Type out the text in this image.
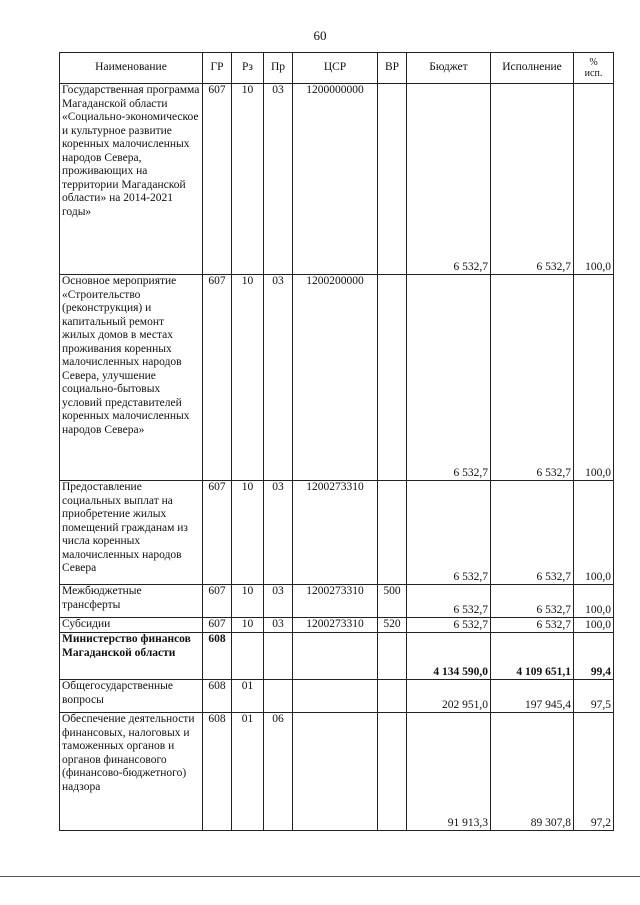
60
Наименование	ГР	Рз	Пр	ЦСР	ВР	Бюджет	Исполнение	%
исп.
Государственная программа Магаданской области «Социально-экономическое и культурное развитие коренных малочисленных народов Севера, проживающих на территории Магаданской области» на 2014-2021 годы»	607	10	03	1200000000		6 532,7	6 532,7	100,0
Основное мероприятие «Строительство (реконструкция) и капитальный ремонт жилых домов в местах проживания коренных малочисленных народов Севера, улучшение социально-бытовых условий представителей коренных малочисленных народов Севера»	607	10	03	1200200000		6 532,7	6 532,7	100,0
Предоставление социальных выплат на приобретение жилых помещений гражданам из числа коренных малочисленных народов Севера	607	10	03	1200273310		6 532,7	6 532,7	100,0
Межбюджетные трансферты	607	10	03	1200273310	500	6 532,7	6 532,7	100,0
Субсидии	607	10	03	1200273310	520	6 532,7	6 532,7	100,0
Министерство финансов Магаданской области	608					4 134 590,0	4 109 651,1	99,4
Общегосударственные вопросы	608	01				202 951,0	197 945,4	97,5
Обеспечение деятельности финансовых, налоговых и таможенных органов и органов финансового (финансово-бюджетного) надзора	608	01	06			91 913,3	89 307,8	97,2
